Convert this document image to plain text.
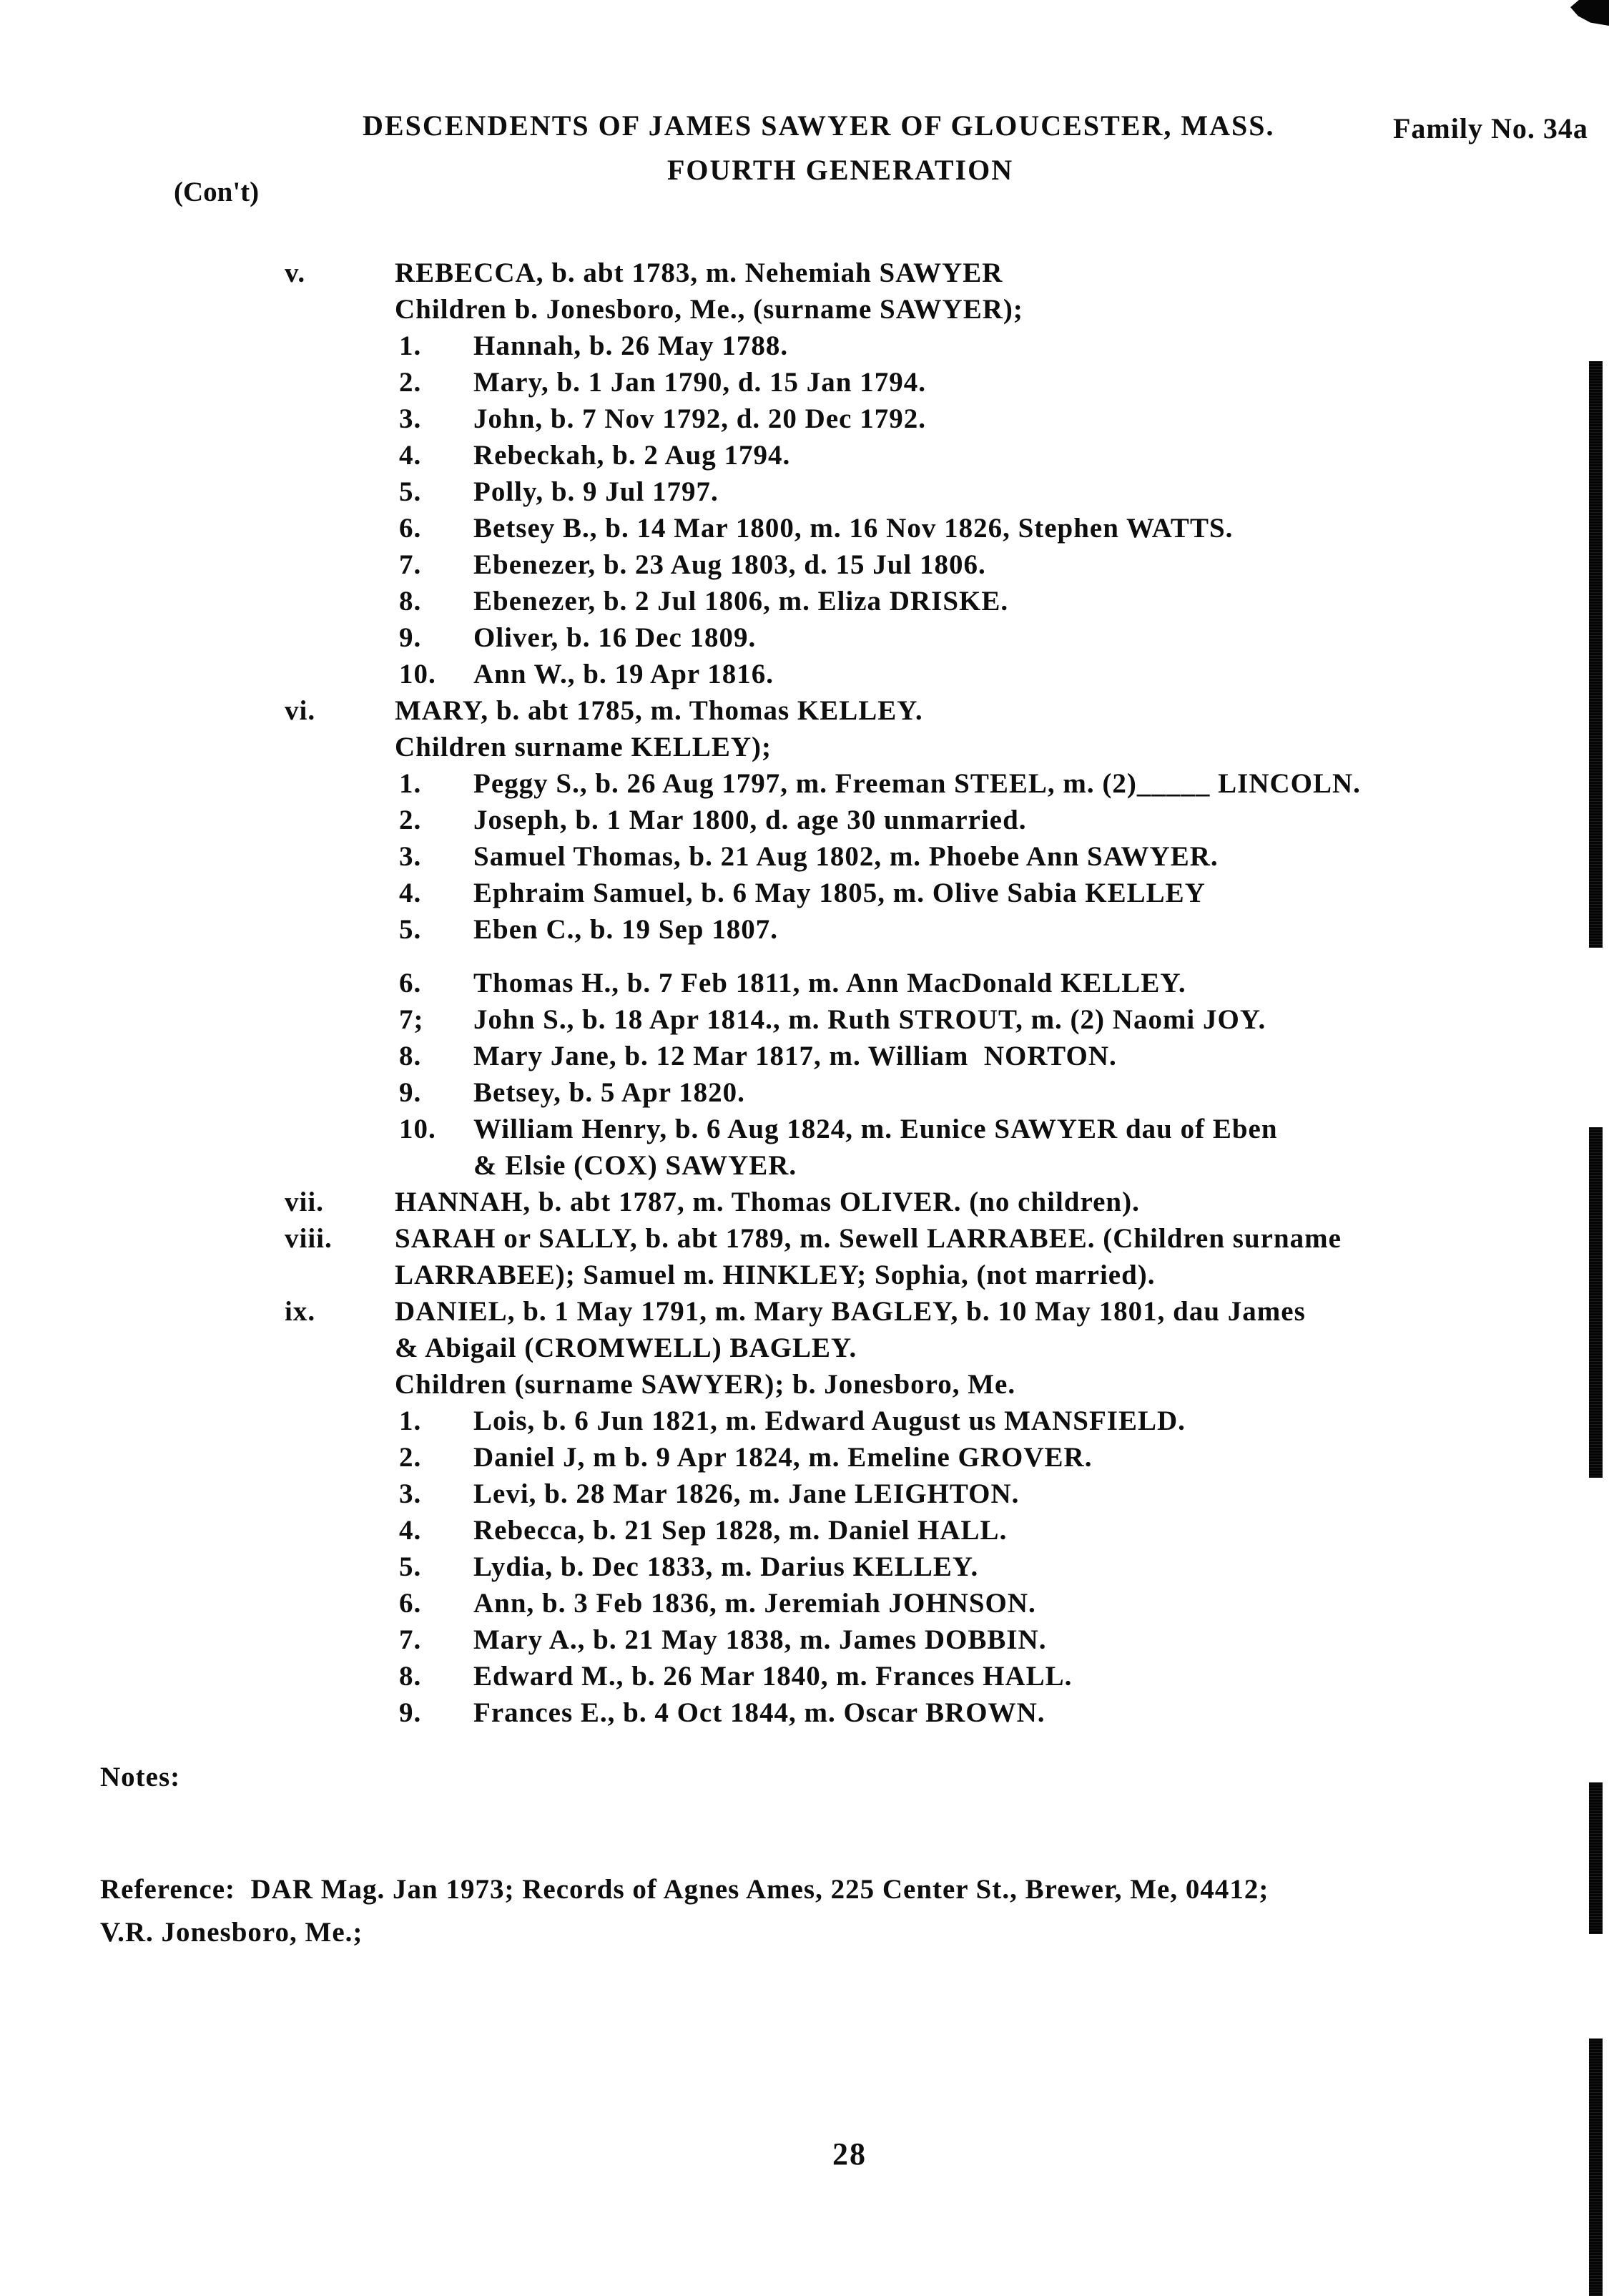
DESCENDENTS OF JAMES SAWYER OF GLOUCESTER, MASS.	Family No. 34a
FOURTH GENERATION
(Con't)
v.	REBECCA, b. abt 1783, m. Nehemiah SAWYER
Children b. Jonesboro, Me., (surname SAWYER);
1. Hannah, b. 26 May 1788.
2. Mary, b. 1 Jan 1790, d. 15 Jan 1794.
3. John, b. 7 Nov 1792, d. 20 Dec 1792.
4. Rebeckah, b. 2 Aug 1794.
5. Polly, b. 9 Jul 1797.
6. Betsey B., b. 14 Mar 1800, m. 16 Nov 1826, Stephen WATTS.
7. Ebenezer, b. 23 Aug 1803, d. 15 Jul 1806.
8. Ebenezer, b. 2 Jul 1806, m. Eliza DRISKE.
9. Oliver, b. 16 Dec 1809.
10. Ann W., b. 19 Apr 1816.
vi.	MARY, b. abt 1785, m. Thomas KELLEY.
Children surname KELLEY);
1. Peggy S., b. 26 Aug 1797, m. Freeman STEEL, m. (2)_____ LINCOLN.
2. Joseph, b. 1 Mar 1800, d. age 30 unmarried.
3. Samuel Thomas, b. 21 Aug 1802, m. Phoebe Ann SAWYER.
4. Ephraim Samuel, b. 6 May 1805, m. Olive Sabia KELLEY
5. Eben C., b. 19 Sep 1807.
6. Thomas H., b. 7 Feb 1811, m. Ann MacDonald KELLEY.
7; John S., b. 18 Apr 1814., m. Ruth STROUT, m. (2) Naomi JOY.
8. Mary Jane, b. 12 Mar 1817, m. William  NORTON.
9. Betsey, b. 5 Apr 1820.
10. William Henry, b. 6 Aug 1824, m. Eunice SAWYER dau of Eben
& Elsie (COX) SAWYER.
vii.	HANNAH, b. abt 1787, m. Thomas OLIVER. (no children).
viii. SARAH or SALLY, b. abt 1789, m. Sewell LARRABEE. (Children surname
LARRABEE); Samuel m. HINKLEY; Sophia, (not married).
ix.	DANIEL, b. 1 May 1791, m. Mary BAGLEY, b. 10 May 1801, dau James
& Abigail (CROMWELL) BAGLEY.
Children (surname SAWYER); b. Jonesboro, Me.
1. Lois, b. 6 Jun 1821, m. Edward August us MANSFIELD.
2. Daniel J, m b. 9 Apr 1824, m. Emeline GROVER.
3. Levi, b. 28 Mar 1826, m. Jane LEIGHTON.
4. Rebecca, b. 21 Sep 1828, m. Daniel HALL.
5. Lydia, b. Dec 1833, m. Darius KELLEY.
6. Ann, b. 3 Feb 1836, m. Jeremiah JOHNSON.
7. Mary A., b. 21 May 1838, m. James DOBBIN.
8. Edward M., b. 26 Mar 1840, m. Frances HALL.
9. Frances E., b. 4 Oct 1844, m. Oscar BROWN.
Notes:
Reference:  DAR Mag. Jan 1973; Records of Agnes Ames, 225 Center St., Brewer, Me, 04412;
V.R. Jonesboro, Me.;
28
